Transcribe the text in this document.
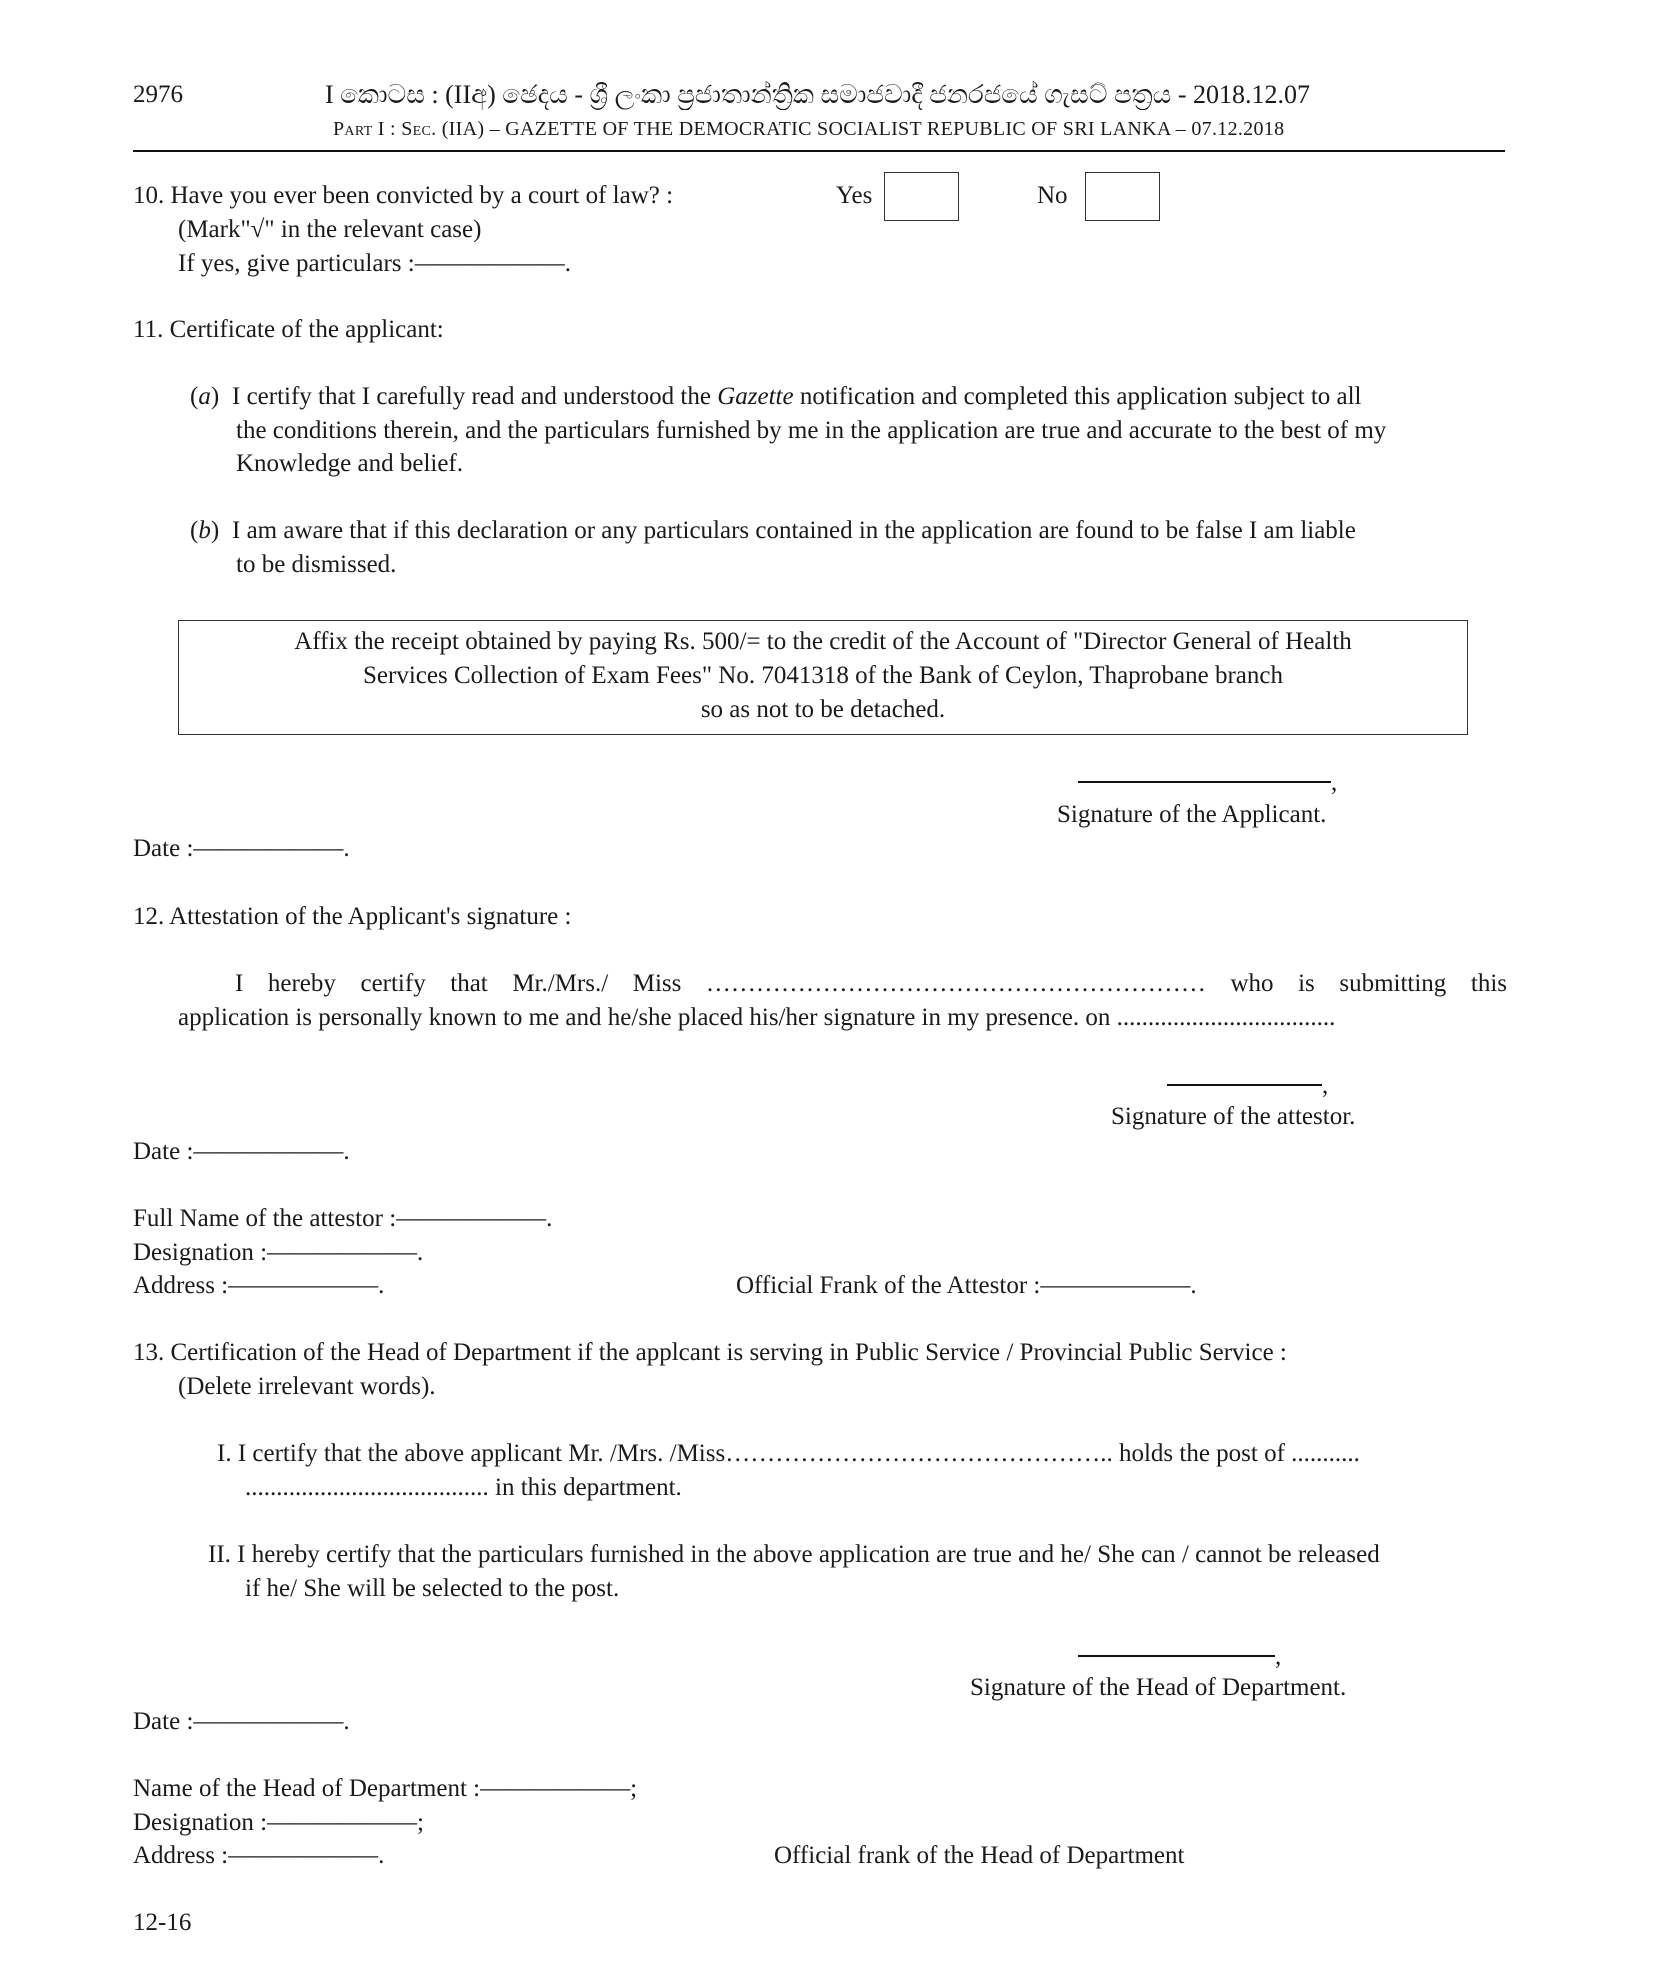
2976	I කොටස : (IIඅ) ඡෙදය - ශ්‍රී ලංකා ප්‍රජාතාන්ත්‍රික සමාජවාදී ජනරජයේ ගැසට් පත්‍රය - 2018.12.07
Part I : Sec. (IIA) – GAZETTE OF THE DEMOCRATIC SOCIALIST REPUBLIC OF SRI LANKA – 07.12.2018
10. Have you ever been convicted by a court of law? :
(Mark"√" in the relevant case)
If yes, give particulars :——————.
Yes	No
11. Certificate of the applicant:
(a) I certify that I carefully read and understood the Gazette notification and completed this application subject to all
the conditions therein, and the particulars furnished by me in the application are true and accurate to the best of my
Knowledge and belief.
(b) I am aware that if this declaration or any particulars contained in the application are found to be false I am liable
to be dismissed.
Affix the receipt obtained by paying Rs. 500/= to the credit of the Account of "Director General of Health
Services Collection of Exam Fees" No. 7041318 of the Bank of Ceylon, Thaprobane branch
so as not to be detached.
,
Signature of the Applicant.
Date :——————.
12. Attestation of the Applicant's signature :
I hereby certify that Mr./Mrs./ Miss …………………………………………………… who is submitting this
application is personally known to me and he/she placed his/her signature in my presence. on ...................................
,
Signature of the attestor.
Date :——————.
Full Name of the attestor :——————.
Designation :——————.
Address :——————.	Official Frank of the Attestor :——————.
13. Certification of the Head of Department if the applcant is serving in Public Service / Provincial Public Service :
(Delete irrelevant words).
I. I certify that the above applicant Mr. /Mrs. /Miss……………………………………….. holds the post of ...........
....................................... in this department.
II. I hereby certify that the particulars furnished in the above application are true and he/ She can / cannot be released
if he/ She will be selected to the post.
,
Signature of the Head of Department.
Date :——————.
Name of the Head of Department :——————;
Designation :——————;
Address :——————.	Official frank of the Head of Department
12-16
